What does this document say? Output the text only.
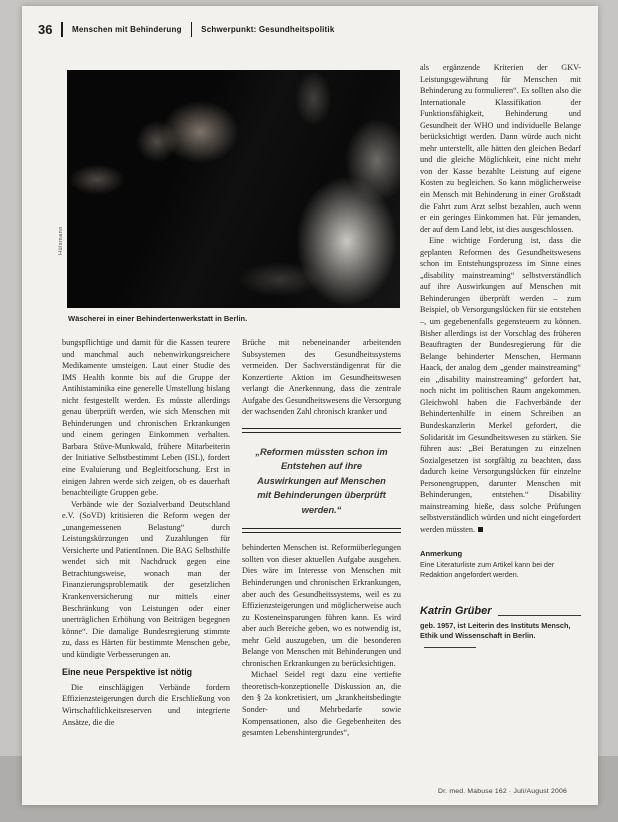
36 Menschen mit Behinderung Schwerpunkt: Gesundheitspolitik
Hülsmann
Wäscherei in einer Behindertenwerkstatt in Berlin.

bungspflichtige und damit für die Kassen teurere und manchmal auch nebenwirkungsreichere Medikamente umsteigen. Laut einer Studie des IMS Health konnte bis auf die Gruppe der Antihistaminika eine generelle Umstellung bislang nicht festgestellt werden. Es müsste allerdings genau überprüft werden, wie sich Menschen mit Behinderungen und chronischen Erkrankungen und einem geringen Einkommen verhalten. Barbara Stüve-Munkwald, frühere Mitarbeiterin der Initiative Selbstbestimmt Leben (ISL), fordert eine Evaluierung und Begleitforschung. Erst in einigen Jahren werde sich zeigen, ob es dauerhaft benachteiligte Gruppen gebe.

Verbände wie der Sozialverband Deutschland e.V. (SoVD) kritisieren die Reform wegen der „unangemessenen Belastung“ durch Leistungskürzungen und Zuzahlungen für Versicherte und PatientInnen. Die BAG Selbsthilfe wendet sich mit Nachdruck gegen eine Betrachtungsweise, wonach man der Finanzierungsproblematik der gesetzlichen Krankenversicherung nur mittels einer Beschränkung von Leistungen oder einer unerträglichen Erhöhung von Beiträgen begegnen könne“. Die damalige Bundesregierung stimmte zu, dass es Härten für bestimmte Menschen gebe, und kündigte Verbesserungen an.

Eine neue Perspektive ist nötig

Die einschlägigen Verbände fordern Effizienzsteigerungen durch die Erschließung von Wirtschaftlichkeitsreserven und integrierte Ansätze, die die

Brüche mit nebeneinander arbeitenden Subsystemen des Gesundheitssystems vermeiden. Der Sachverständigenrat für die Konzertierte Aktion im Gesundheitswesen verlangt die Anerkennung, dass die zentrale Aufgabe des Gesundheitswesens die Versorgung der wachsenden Zahl chronisch kranker und

„Reformen müssten schon im Entstehen auf ihre Auswirkungen auf Menschen mit Behinderungen überprüft werden.“

behinderten Menschen ist. Reformüberlegungen sollten von dieser aktuellen Aufgabe ausgehen. Dies wäre im Interesse von Menschen mit Behinderungen und chronischen Erkrankungen, aber auch des Gesundheitssystems, weil es zu Effizienzsteigerungen und möglicherweise auch zu Kosteneinsparungen führen kann. Es wird aber auch Bereiche geben, wo es notwendig ist, mehr Geld auszugeben, um die besonderen Belange von Menschen mit Behinderungen und chronischen Erkrankungen zu berücksichtigen.

Michael Seidel regt dazu eine vertiefte theoretisch-konzeptionelle Diskussion an, die den § 2a konkretisiert, um „krankheitsbedingte Sonder- und Mehrbedarfe sowie Kompensationen, also die Gegebenheiten des gesamten Lebenshintergrundes“,

als ergänzende Kriterien der GKV-Leistungsgewährung für Menschen mit Behinderung zu formulieren“. Es sollten also die Internationale Klassifikation der Funktionsfähigkeit, Behinderung und Gesundheit der WHO und individuelle Belange berücksichtigt werden. Dann würde auch nicht mehr unterstellt, alle hätten den gleichen Bedarf und die gleiche Möglichkeit, eine nicht mehr von der Kasse bezahlte Leistung auf eigene Kosten zu begleichen. So kann möglicherweise ein Mensch mit Behinderung in einer Großstadt die Fahrt zum Arzt selbst bezahlen, auch wenn er ein geringes Einkommen hat. Für jemanden, der auf dem Land lebt, ist dies ausgeschlossen.

Eine wichtige Forderung ist, dass die geplanten Reformen des Gesundheitswesens schon im Entstehungsprozess im Sinne eines „disability mainstreaming“ selbstverständlich auf ihre Auswirkungen auf Menschen mit Behinderungen überprüft werden – zum Beispiel, ob Versorgungslücken für sie entstehen –, um gegebenenfalls gegensteuern zu können. Bisher allerdings ist der Vorschlag des früheren Beauftragten der Bundesregierung für die Belange behinderter Menschen, Hermann Haack, der analog dem „gender mainstreaming“ ein „disability mainstreaming“ gefordert hat, noch nicht im politischen Raum angekommen. Gleichwohl haben die Fachverbände der Behindertenhilfe in einem Schreiben an Bundeskanzlerin Merkel gefordert, die Solidarität im Gesundheitswesen zu stärken. Sie führen aus: „Bei Beratungen zu einzelnen Sozialgesetzen ist sorgfältig zu beachten, dass dadurch keine Versorgungslücken für einzelne Personengruppen, darunter Menschen mit Behinderungen, entstehen.“ Disability mainstreaming hieße, dass solche Prüfungen selbstverständlich würden und nicht eingefordert werden müssten.

Anmerkung

Eine Literaturliste zum Artikel kann bei der Redaktion angefordert werden.

Katrin Grüber
geb. 1957, ist Leiterin des Instituts Mensch, Ethik und Wissenschaft in Berlin.
Dr. med. Mabuse 162 · Juli/August 2006
